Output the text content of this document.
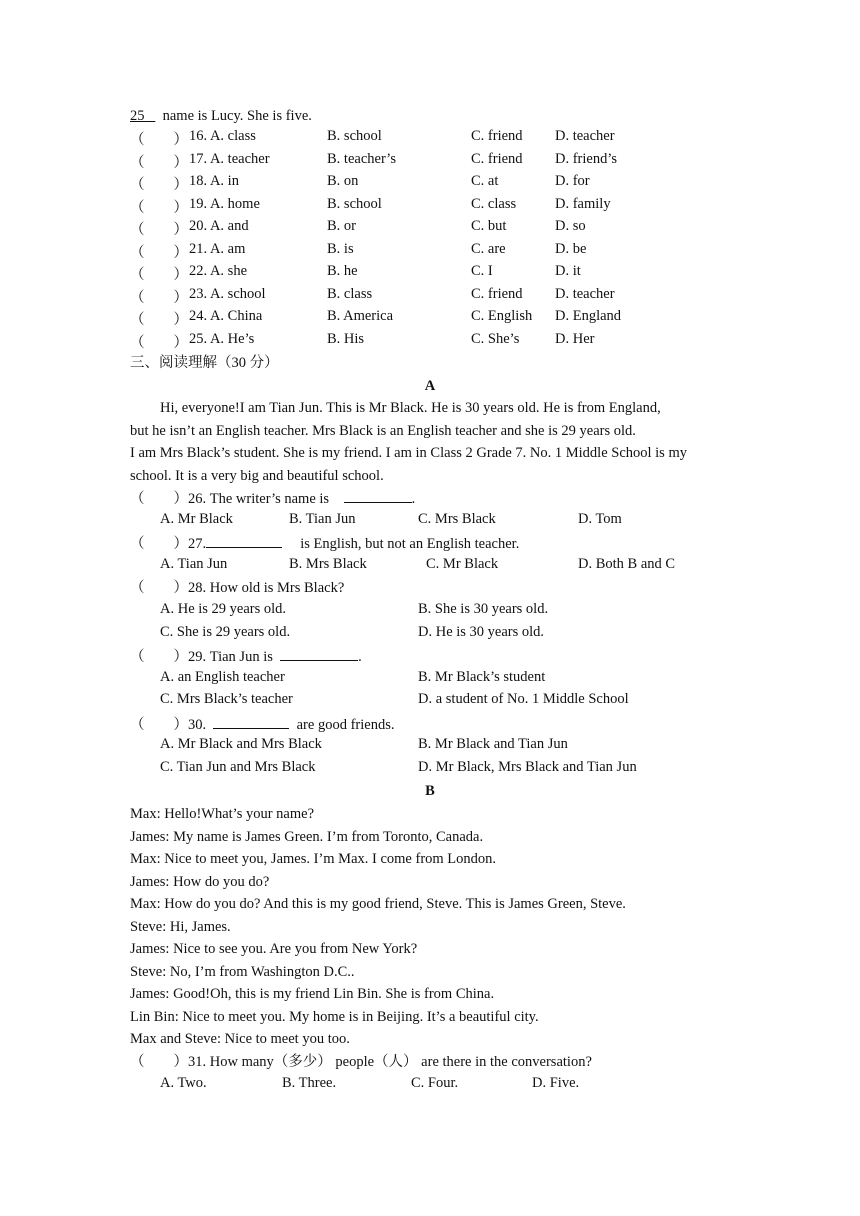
25 name is Lucy. She is five.
（　　） 16. A. class	B. school	C. friend D. teacher
（　　） 17. A. teacher	B. teacher’s	C. friend D. friend’s
（　　） 18. A. in	B. on	C. at	D. for
（　　） 19. A. home	B. school	C. class	D. family
（　　） 20. A. and	B. or	C. but	D. so
（　　） 21. A. am	B. is	C. are	D. be
（　　） 22. A. she	B. he	C. I	D. it
（　　） 23. A. school	B. class	C. friend D. teacher
（　　） 24. A. China	B. America	C. English D. England
（　　） 25. A. He’s	B. His	C. She’s D. Her
三、阅读理解（30 分）
A
Hi, everyone!I am Tian Jun. This is Mr Black. He is 30 years old. He is from England,
but he isn’t an English teacher. Mrs Black is an English teacher and she is 29 years old.
I am Mrs Black’s student. She is my friend. I am in Class 2 Grade 7. No. 1 Middle School is my
school. It is a very big and beautiful school.
（　　）26. The writer’s name is	.
A. Mr Black	B. Tian Jun	C. Mrs Black	D. Tom
（　　）27.	is English, but not an English teacher.
A. Tian Jun	B. Mrs Black	C. Mr Black	D. Both B and C
（　　）28. How old is Mrs Black?
A. He is 29 years old.	B. She is 30 years old.
C. She is 29 years old.	D. He is 30 years old.
（　　）29. Tian Jun is	.
A. an English teacher	B. Mr Black’s student
C. Mrs Black’s teacher	D. a student of No. 1 Middle School
（　　）30.	are good friends.
A. Mr Black and Mrs Black	B. Mr Black and Tian Jun
C. Tian Jun and Mrs Black	D. Mr Black, Mrs Black and Tian Jun
B
Max: Hello!What’s your name?
James: My name is James Green. I’m from Toronto, Canada.
Max: Nice to meet you, James. I’m Max. I come from London.
James: How do you do?
Max: How do you do? And this is my good friend, Steve. This is James Green, Steve.
Steve: Hi, James.
James: Nice to see you. Are you from New York?
Steve: No, I’m from Washington D.C..
James: Good!Oh, this is my friend Lin Bin. She is from China.
Lin Bin: Nice to meet you. My home is in Beijing. It’s a beautiful city.
Max and Steve: Nice to meet you too.
（　　）31. How many（多少） people（人） are there in the conversation?
A. Two.	B. Three.	C. Four.	D. Five.
